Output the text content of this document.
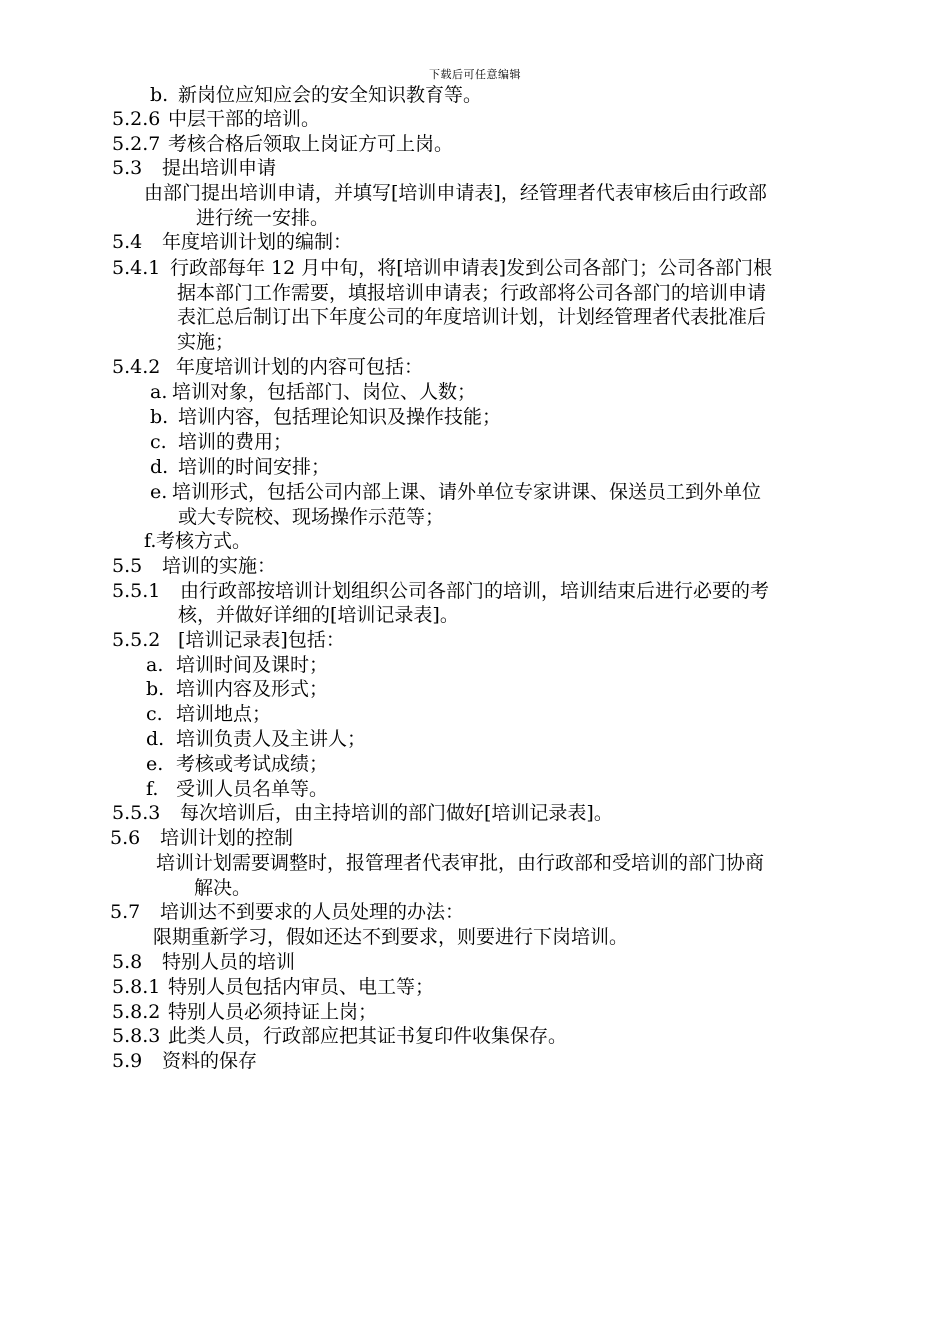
下载后可任意编辑
b. 新岗位应知应会的安全知识教育等。
5.2.6 中层干部的培训。
5.2.7 考核合格后领取上岗证方可上岗。
5.3 提出培训申请
由部门提出培训申请，并填写[培训申请表]，经管理者代表审核后由行政部
进行统一安排。
5.4 年度培训计划的编制：
5.4.1 行政部每年 12 月中旬，将[培训申请表]发到公司各部门；公司各部门根
据本部门工作需要，填报培训申请表；行政部将公司各部门的培训申请
表汇总后制订出下年度公司的年度培训计划，计划经管理者代表批准后
实施；
5.4.2 年度培训计划的内容可包括：
a. 培训对象，包括部门、岗位、人数；
b. 培训内容，包括理论知识及操作技能；
c. 培训的费用；
d. 培训的时间安排；
e. 培训形式，包括公司内部上课、请外单位专家讲课、保送员工到外单位
或大专院校、现场操作示范等；
f. 考核方式。
5.5 培训的实施：
5.5.1 由行政部按培训计划组织公司各部门的培训，培训结束后进行必要的考
核，并做好详细的[培训记录表]。
5.5.2 [培训记录表]包括：
a. 培训时间及课时；
b. 培训内容及形式；
c. 培训地点；
d. 培训负责人及主讲人；
e. 考核或考试成绩；
f. 受训人员名单等。
5.5.3 每次培训后，由主持培训的部门做好[培训记录表]。
5.6 培训计划的控制
培训计划需要调整时，报管理者代表审批，由行政部和受培训的部门协商
解决。
5.7 培训达不到要求的人员处理的办法：
限期重新学习，假如还达不到要求，则要进行下岗培训。
5.8 特别人员的培训
5.8.1 特别人员包括内审员、电工等；
5.8.2 特别人员必须持证上岗；
5.8.3 此类人员，行政部应把其证书复印件收集保存。
5.9 资料的保存
